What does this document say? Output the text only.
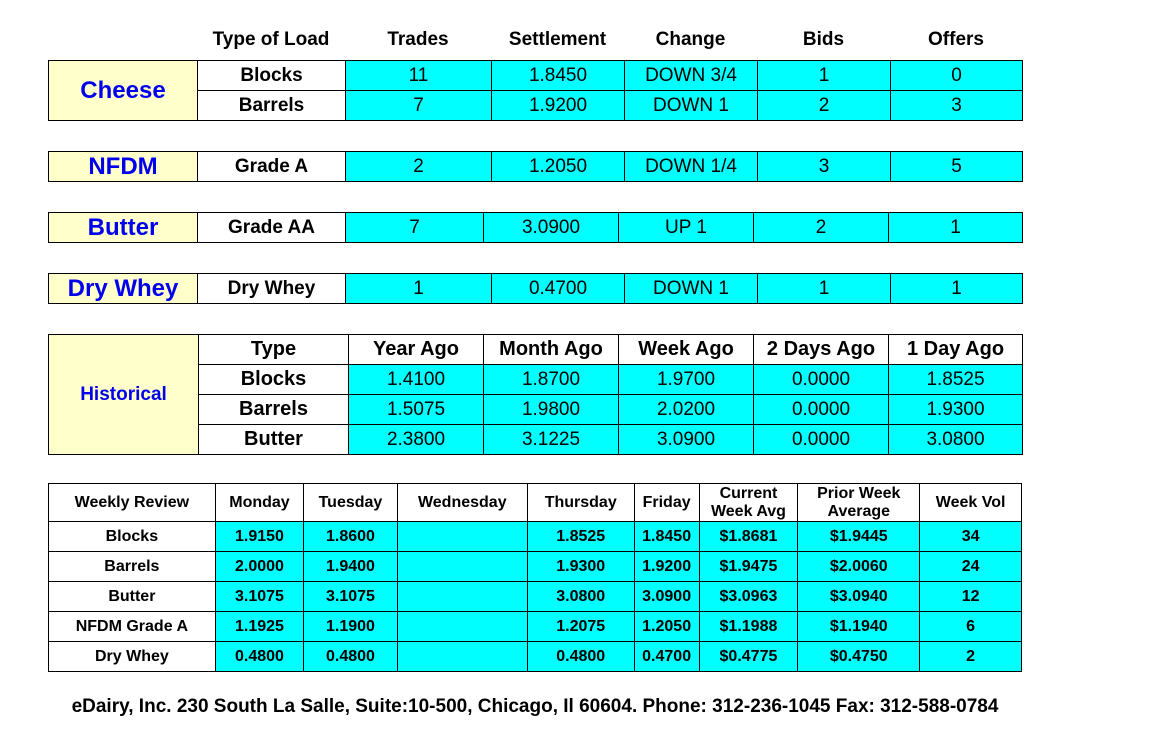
	Type of Load	Trades	Settlement	Change	Bids	Offers
Cheese	Blocks	11	1.8450	DOWN 3/4	1	0
	Barrels	7	1.9200	DOWN 1	2	3
NFDM	Grade A	2	1.2050	DOWN 1/4	3	5
Butter	Grade AA	7	3.0900	UP 1	2	1
Dry Whey	Dry Whey	1	0.4700	DOWN 1	1	1
Historical	Type	Year Ago	Month Ago	Week Ago	2 Days Ago	1 Day Ago
	Blocks	1.4100	1.8700	1.9700	0.0000	1.8525
	Barrels	1.5075	1.9800	2.0200	0.0000	1.9300
	Butter	2.3800	3.1225	3.0900	0.0000	3.0800
Weekly Review	Monday	Tuesday	Wednesday	Thursday	Friday	Current Week Avg	Prior Week Average	Week Vol
Blocks	1.9150	1.8600		1.8525	1.8450	$1.8681	$1.9445	34
Barrels	2.0000	1.9400		1.9300	1.9200	$1.9475	$2.0060	24
Butter	3.1075	3.1075		3.0800	3.0900	$3.0963	$3.0940	12
NFDM Grade A	1.1925	1.1900		1.2075	1.2050	$1.1988	$1.1940	6
Dry Whey	0.4800	0.4800		0.4800	0.4700	$0.4775	$0.4750	2
eDairy, Inc. 230 South La Salle, Suite:10-500, Chicago, Il 60604. Phone: 312-236-1045 Fax: 312-588-0784
